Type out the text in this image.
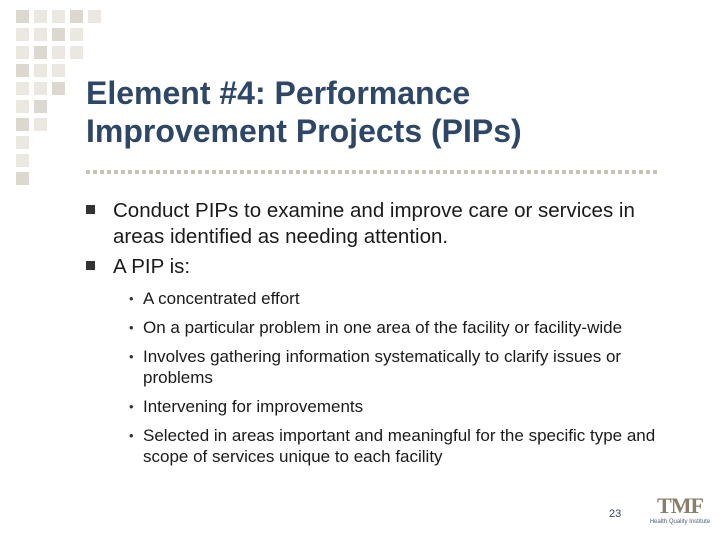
Element #4: Performance Improvement Projects (PIPs)

Conduct PIPs to examine and improve care or services in areas identified as needing attention.

A PIP is:

• A concentrated effort

• On a particular problem in one area of the facility or facility-wide

• Involves gathering information systematically to clarify issues or problems

• Intervening for improvements

• Selected in areas important and meaningful for the specific type and scope of services unique to each facility

23	TMF
Health Quality Institute
